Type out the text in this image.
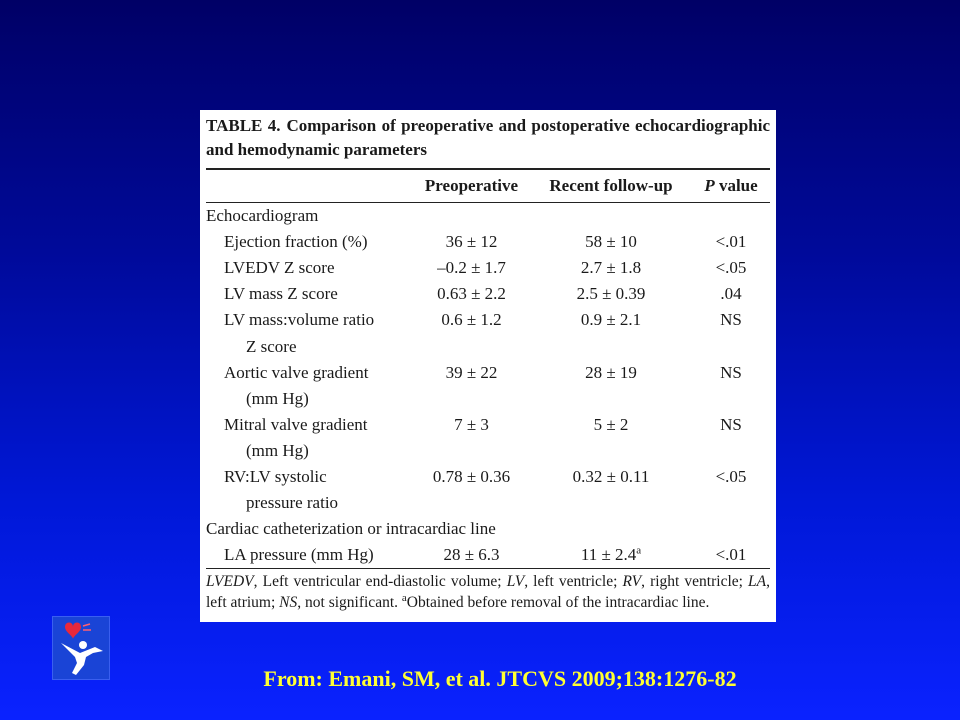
TABLE 4. Comparison of preoperative and postoperative echocardiographic and hemodynamic parameters
	Preoperative	Recent follow-up	P value

Echocardiogram			
Ejection fraction (%)	36 ± 12	58 ± 10	<.01
LVEDV Z score	–0.2 ± 1.7	2.7 ± 1.8	<.05
LV mass Z score	0.63 ± 2.2	2.5 ± 0.39	.04
LV mass:volume ratio	0.6 ± 1.2	0.9 ± 2.1	NS
Z score			
Aortic valve gradient	39 ± 22	28 ± 19	NS
(mm Hg)			
Mitral valve gradient	7 ± 3	5 ± 2	NS
(mm Hg)			
RV:LV systolic	0.78 ± 0.36	0.32 ± 0.11	<.05
pressure ratio			
Cardiac catheterization or intracardiac line			
LA pressure (mm Hg)	28 ± 6.3	11 ± 2.4$^a$	<.01
LVEDV, Left ventricular end-diastolic volume; LV, left ventricle; RV, right ventricle; LA, left atrium; NS, not significant. $^a$Obtained before removal of the intracardiac line.
From: Emani, SM, et al. JTCVS 2009;138:1276-82
